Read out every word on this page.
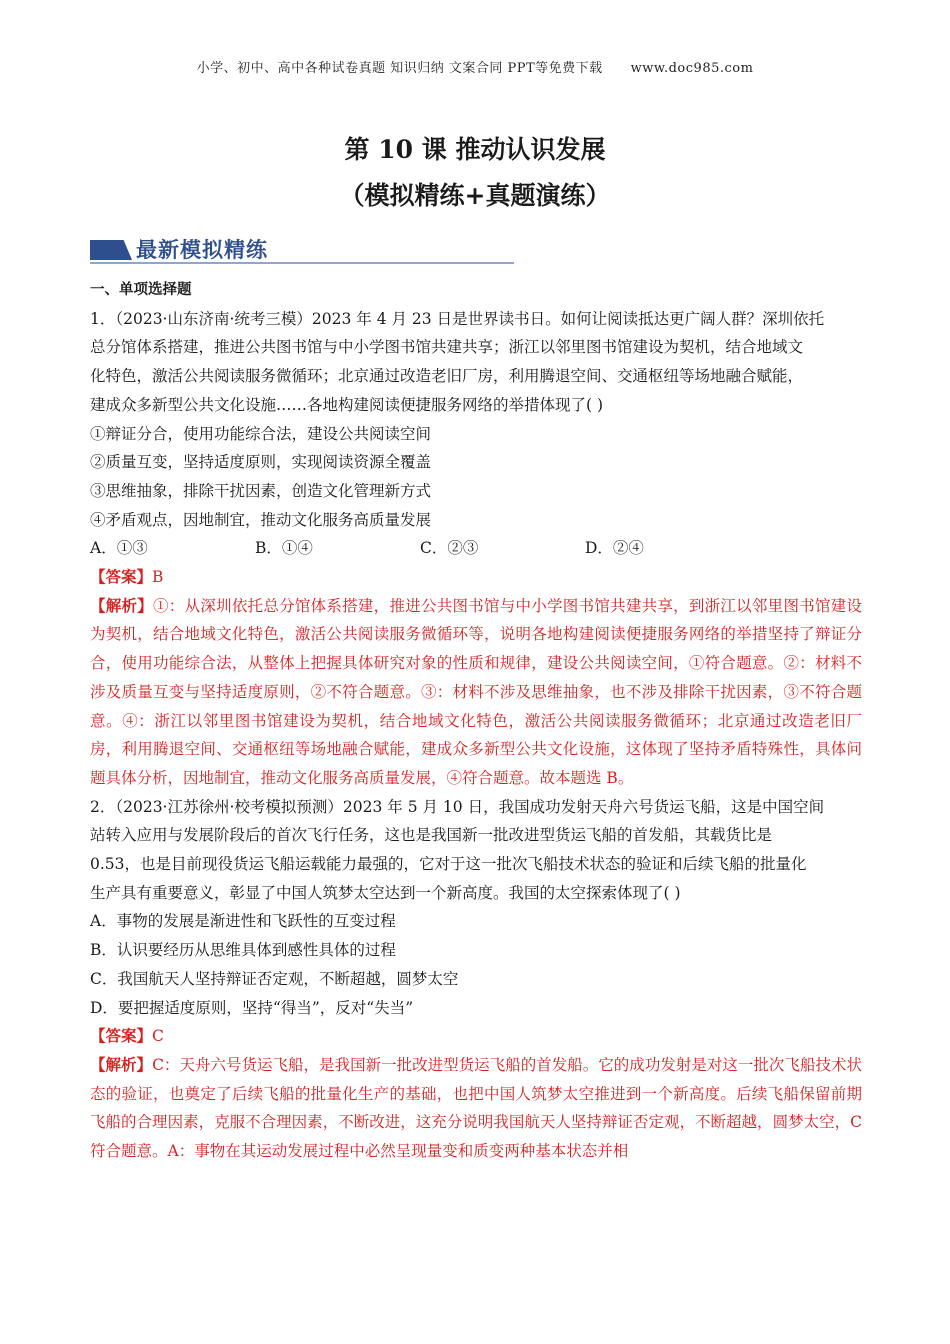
小学、初中、高中各种试卷真题 知识归纳 文案合同 PPT等免费下载 www.doc985.com
第 10 课 推动认识发展
（模拟精练+真题演练）
最新模拟精练

一、单项选择题

1．（2023·山东济南·统考三模）2023 年 4 月 23 日是世界读书日。如何让阅读抵达更广阔人群？深圳依托

总分馆体系搭建，推进公共图书馆与中小学图书馆共建共享；浙江以邻里图书馆建设为契机，结合地域文

化特色，激活公共阅读服务微循环；北京通过改造老旧厂房，利用腾退空间、交通枢纽等场地融合赋能，

建成众多新型公共文化设施……各地构建阅读便捷服务网络的举措体现了( )

①辩证分合，使用功能综合法，建设公共阅读空间

②质量互变，坚持适度原则，实现阅读资源全覆盖

③思维抽象，排除干扰因素，创造文化管理新方式

④矛盾观点，因地制宜，推动文化服务高质量发展

A．①③	B．①④	C．②③	D．②④

【答案】B

【解析】①：从深圳依托总分馆体系搭建，推进公共图书馆与中小学图书馆共建共享，到浙江以邻里图书馆建设为契机，结合地域文化特色，激活公共阅读服务微循环等，说明各地构建阅读便捷服务网络的举措坚持了辩证分合，使用功能综合法，从整体上把握具体研究对象的性质和规律，建设公共阅读空间，①符合题意。②：材料不涉及质量互变与坚持适度原则，②不符合题意。③：材料不涉及思维抽象，也不涉及排除干扰因素，③不符合题意。④：浙江以邻里图书馆建设为契机，结合地域文化特色，激活公共阅读服务微循环；北京通过改造老旧厂房，利用腾退空间、交通枢纽等场地融合赋能，建成众多新型公共文化设施，这体现了坚持矛盾特殊性，具体问题具体分析，因地制宜，推动文化服务高质量发展，④符合题意。故本题选 B。

2．（2023·江苏徐州·校考模拟预测）2023 年 5 月 10 日，我国成功发射天舟六号货运飞船，这是中国空间

站转入应用与发展阶段后的首次飞行任务，这也是我国新一批改进型货运飞船的首发船，其载货比是

0.53，也是目前现役货运飞船运载能力最强的，它对于这一批次飞船技术状态的验证和后续飞船的批量化

生产具有重要意义，彰显了中国人筑梦太空达到一个新高度。我国的太空探索体现了( )

A．事物的发展是渐进性和飞跃性的互变过程

B．认识要经历从思维具体到感性具体的过程

C．我国航天人坚持辩证否定观，不断超越，圆梦太空

D．要把握适度原则，坚持“得当”，反对“失当”

【答案】C

【解析】C：天舟六号货运飞船，是我国新一批改进型货运飞船的首发船。它的成功发射是对这一批次飞船技术状态的验证，也奠定了后续飞船的批量化生产的基础，也把中国人筑梦太空推进到一个新高度。后续飞船保留前期飞船的合理因素，克服不合理因素，不断改进，这充分说明我国航天人坚持辩证否定观，不断超越，圆梦太空，C 符合题意。A：事物在其运动发展过程中必然呈现量变和质变两种基本状态并相
